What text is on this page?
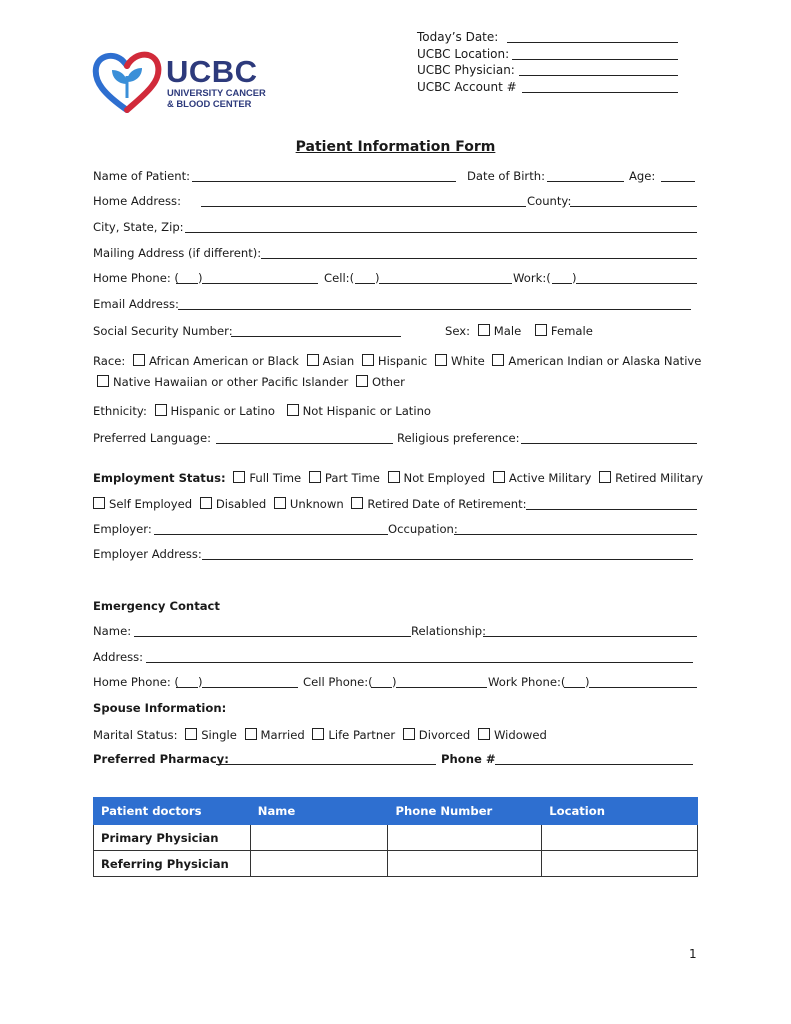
UCBC
UNIVERSITY CANCER
& BLOOD CENTER
Today’s Date:
UCBC Location:
UCBC Physician:
UCBC Account #
Patient Information Form
Name of Patient:	Date of Birth:	Age:
Home Address:	County:
City, State, Zip:
Mailing Address (if different):
Home Phone: ( )	Cell:( )	Work:( )
Email Address:
Social Security Number:	Sex: Male	Female
Race: African American or Black Asian Hispanic White American Indian or Alaska Native
Native Hawaiian or other Pacific Islander Other
Ethnicity: Hispanic or Latino Not Hispanic or Latino
Preferred Language:	Religious preference:
Employment Status: Full Time Part Time Not Employed Active Military Retired Military
Self Employed Disabled Unknown Retired Date of Retirement:
Employer:	Occupation:
Employer Address:
Emergency Contact
Name:	Relationship:
Address:
Home Phone: ( )	Cell Phone:( )	Work Phone:( )
Spouse Information:
Marital Status: Single Married Life Partner Divorced Widowed
Preferred Pharmacy:	Phone #
Patient doctors	Name	Phone Number	Location
Primary Physician			
Referring Physician			
1
